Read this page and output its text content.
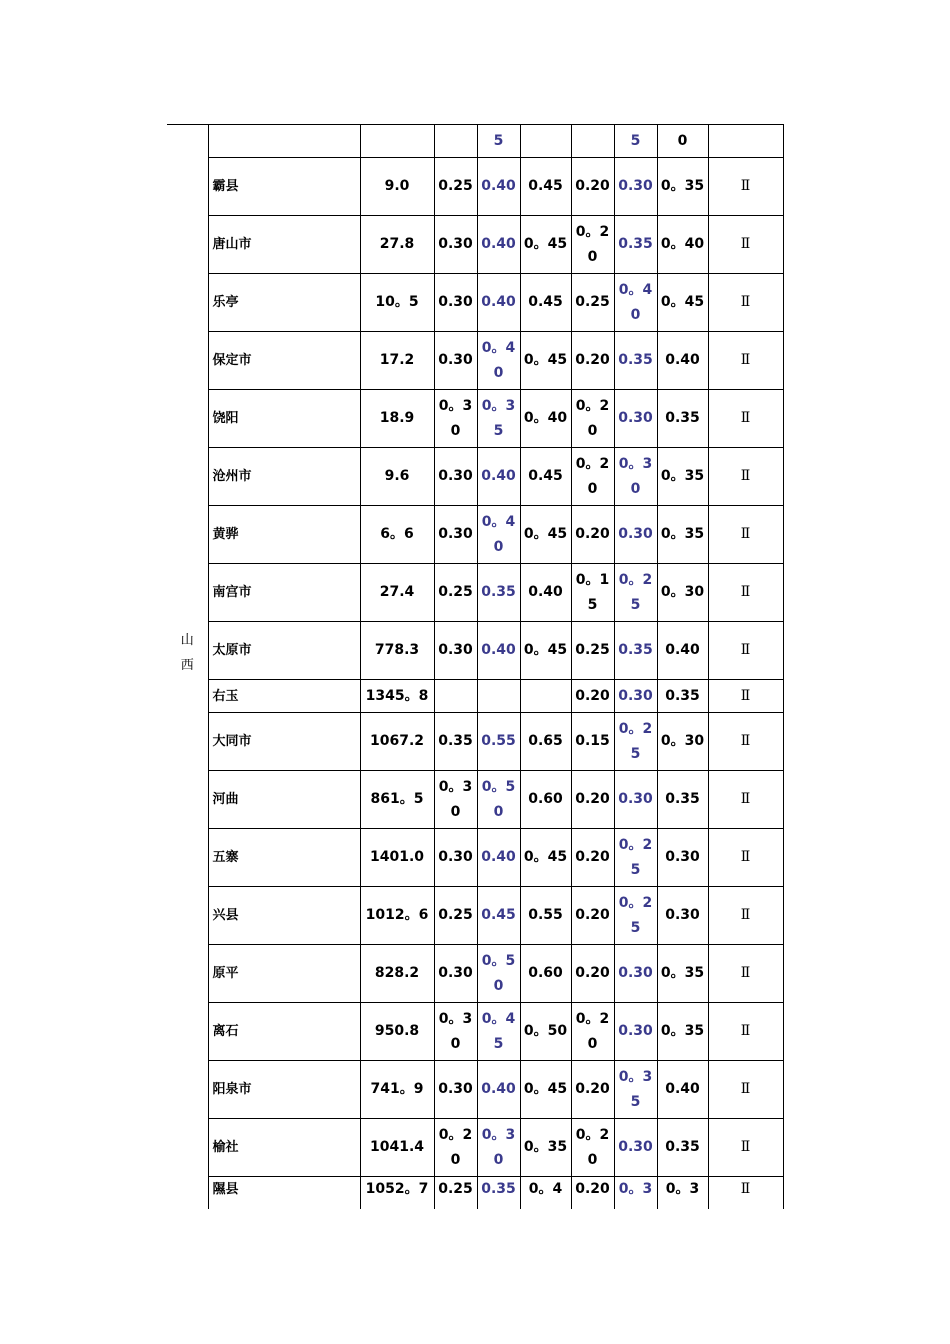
				5			5	0	

	霸县	9.0	0.25	0.40	0.45	0.20	0.30	0。35	Ⅱ

	唐山市	27.8	0.30	0.40	0。45	0。20	0.35	0。40	Ⅱ

	乐亭	10。5	0.30	0.40	0.45	0.25	0。40	0。45	Ⅱ

	保定市	17.2	0.30	0。40	0。45	0.20	0.35	0.40	Ⅱ

	饶阳	18.9	0。30	0。35	0。40	0。20	0.30	0.35	Ⅱ

	沧州市	9.6	0.30	0.40	0.45	0。20	0。30	0。35	Ⅱ

	黄骅	6。6	0.30	0。40	0。45	0.20	0.30	0。35	Ⅱ

	南宫市	27.4	0.25	0.35	0.40	0。15	0。25	0。30	Ⅱ

山西	太原市	778.3	0.30	0.40	0。45	0.25	0.35	0.40	Ⅱ

	右玉	1345。8				0.20	0.30	0.35	Ⅱ

	大同市	1067.2	0.35	0.55	0.65	0.15	0。25	0。30	Ⅱ

	河曲	861。5	0。30	0。50	0.60	0.20	0.30	0.35	Ⅱ

	五寨	1401.0	0.30	0.40	0。45	0.20	0。25	0.30	Ⅱ

	兴县	1012。6	0.25	0.45	0.55	0.20	0。25	0.30	Ⅱ

	原平	828.2	0.30	0。50	0.60	0.20	0.30	0。35	Ⅱ

	离石	950.8	0。30	0。45	0。50	0。20	0.30	0。35	Ⅱ

	阳泉市	741。9	0.30	0.40	0。45	0.20	0。35	0.40	Ⅱ

	榆社	1041.4	0。20	0。30	0。35	0。20	0.30	0.35	Ⅱ

	隰县	1052。7	0.25	0.35	0。4	0.20	0。3	0。3	Ⅱ
